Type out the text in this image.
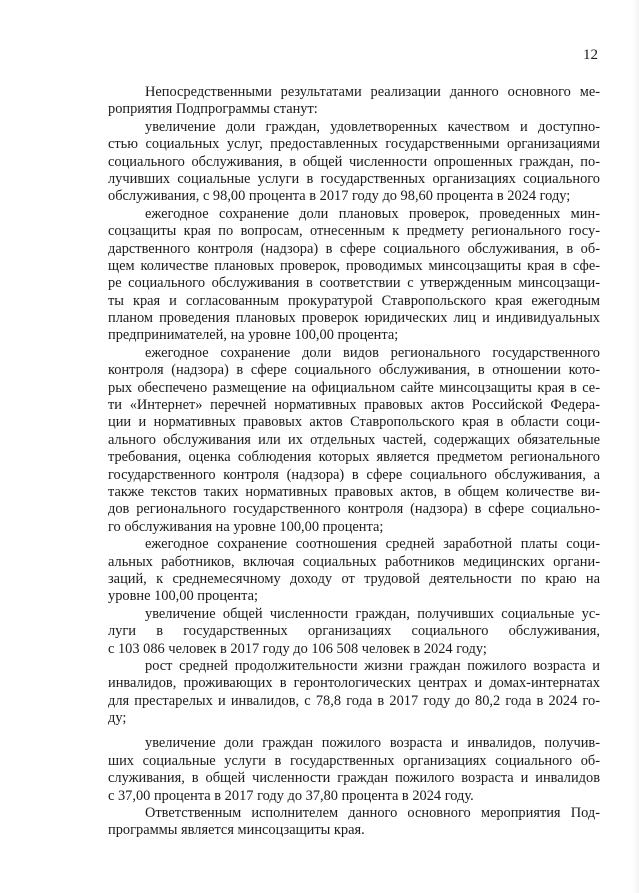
12
Непосредственными результатами реализации данного основного ме-
роприятия Подпрограммы станут:
увеличение доли граждан, удовлетворенных качеством и доступно-
стью социальных услуг, предоставленных государственными организациями
социального обслуживания, в общей численности опрошенных граждан, по-
лучивших социальные услуги в государственных организациях социального
обслуживания, с 98,00 процента в 2017 году до 98,60 процента в 2024 году;
ежегодное сохранение доли плановых проверок, проведенных мин-
соцзащиты края по вопросам, отнесенным к предмету регионального госу-
дарственного контроля (надзора) в сфере социального обслуживания, в об-
щем количестве плановых проверок, проводимых минсоцзащиты края в сфе-
ре социального обслуживания в соответствии с утвержденным минсоцзащи-
ты края и согласованным прокуратурой Ставропольского края ежегодным
планом проведения плановых проверок юридических лиц и индивидуальных
предпринимателей, на уровне 100,00 процента;
ежегодное сохранение доли видов регионального государственного
контроля (надзора) в сфере социального обслуживания, в отношении кото-
рых обеспечено размещение на официальном сайте минсоцзащиты края в се-
ти «Интернет» перечней нормативных правовых актов Российской Федера-
ции и нормативных правовых актов Ставропольского края в области соци-
ального обслуживания или их отдельных частей, содержащих обязательные
требования, оценка соблюдения которых является предметом регионального
государственного контроля (надзора) в сфере социального обслуживания, а
также текстов таких нормативных правовых актов, в общем количестве ви-
дов регионального государственного контроля (надзора) в сфере социально-
го обслуживания на уровне 100,00 процента;
ежегодное сохранение соотношения средней заработной платы соци-
альных работников, включая социальных работников медицинских органи-
заций, к среднемесячному доходу от трудовой деятельности по краю на
уровне 100,00 процента;
увеличение общей численности граждан, получивших социальные ус-
луги в государственных организациях социального обслуживания,
с 103 086 человек в 2017 году до 106 508 человек в 2024 году;
рост средней продолжительности жизни граждан пожилого возраста и
инвалидов, проживающих в геронтологических центрах и домах-интернатах
для престарелых и инвалидов, с 78,8 года в 2017 году до 80,2 года в 2024 го-
ду;
увеличение доли граждан пожилого возраста и инвалидов, получив-
ших социальные услуги в государственных организациях социального об-
служивания, в общей численности граждан пожилого возраста и инвалидов
с 37,00 процента в 2017 году до 37,80 процента в 2024 году.
Ответственным исполнителем данного основного мероприятия Под-
программы является минсоцзащиты края.
